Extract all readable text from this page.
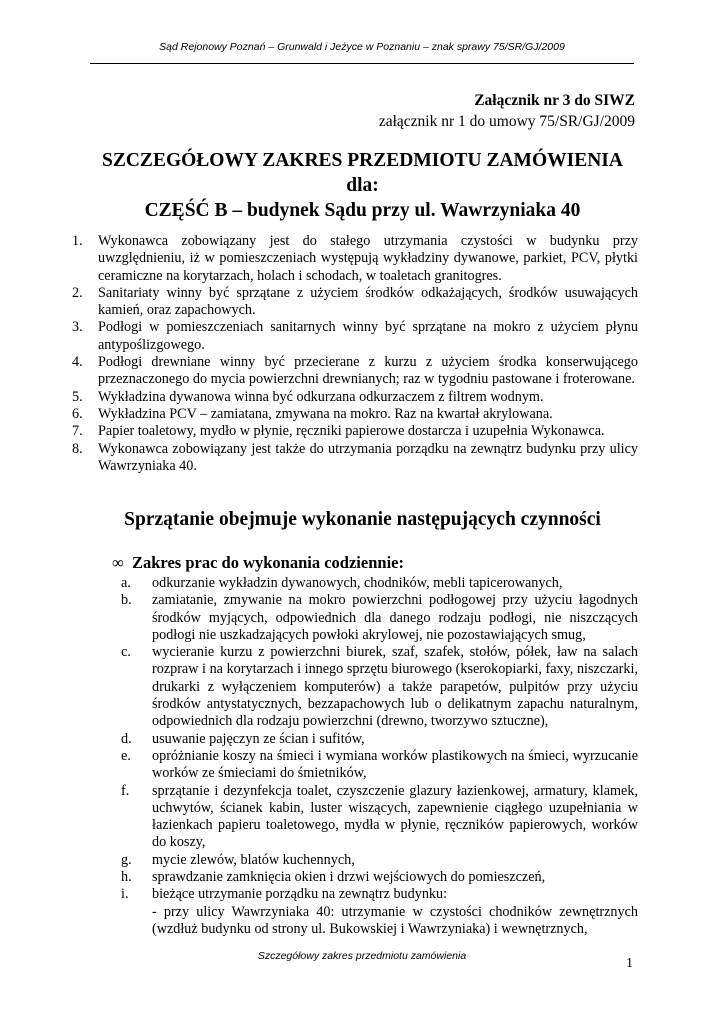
Sąd Rejonowy Poznań – Grunwald i Jeżyce w Poznaniu – znak sprawy 75/SR/GJ/2009
Załącznik nr 3 do SIWZ
załącznik nr 1 do umowy 75/SR/GJ/2009
SZCZEGÓŁOWY ZAKRES PRZEDMIOTU ZAMÓWIENIA
dla:
CZĘŚĆ B – budynek Sądu przy ul. Wawrzyniaka 40
1.	Wykonawca zobowiązany jest do stałego utrzymania czystości w budynku przy uwzględnieniu, iż w pomieszczeniach występują wykładziny dywanowe, parkiet, PCV, płytki ceramiczne na korytarzach, holach i schodach, w toaletach granitogres.
2.	Sanitariaty winny być sprzątane z użyciem środków odkażających, środków usuwających kamień, oraz zapachowych.
3.	Podłogi w pomieszczeniach sanitarnych winny być sprzątane na mokro z użyciem płynu antypoślizgowego.
4.	Podłogi drewniane winny być przecierane z kurzu z użyciem środka konserwującego przeznaczonego do mycia powierzchni drewnianych; raz w tygodniu pastowane i froterowane.
5.	Wykładzina dywanowa winna być odkurzana odkurzaczem z filtrem wodnym.
6.	Wykładzina PCV – zamiatana, zmywana na mokro. Raz na kwartał akrylowana.
7.	Papier toaletowy, mydło w płynie, ręczniki papierowe dostarcza i uzupełnia Wykonawca.
8.	Wykonawca zobowiązany jest także do utrzymania porządku na zewnątrz budynku przy ulicy Wawrzyniaka 40.
Sprzątanie obejmuje wykonanie następujących czynności
∞ Zakres prac do wykonania codziennie:
a.	odkurzanie wykładzin dywanowych, chodników, mebli tapicerowanych,
b.	zamiatanie, zmywanie na mokro powierzchni podłogowej przy użyciu łagodnych środków myjących, odpowiednich dla danego rodzaju podłogi, nie niszczących podłogi nie uszkadzających powłoki akrylowej, nie pozostawiających smug,
c.	wycieranie kurzu z powierzchni biurek, szaf, szafek, stołów, półek, ław na salach rozpraw i na korytarzach i innego sprzętu biurowego (kserokopiarki, faxy, niszczarki, drukarki z wyłączeniem komputerów) a także parapetów, pulpitów przy użyciu środków antystatycznych, bezzapachowych lub o delikatnym zapachu naturalnym, odpowiednich dla rodzaju powierzchni (drewno, tworzywo sztuczne),
d.	usuwanie pajęczyn ze ścian i sufitów,
e.	opróżnianie koszy na śmieci i wymiana worków plastikowych na śmieci, wyrzucanie worków ze śmieciami do śmietników,
f.	sprzątanie i dezynfekcja toalet, czyszczenie glazury łazienkowej, armatury, klamek, uchwytów, ścianek kabin, luster wiszących, zapewnienie ciągłego uzupełniania w łazienkach papieru toaletowego, mydła w płynie, ręczników papierowych, worków do koszy,
g.	mycie zlewów, blatów kuchennych,
h.	sprawdzanie zamknięcia okien i drzwi wejściowych do pomieszczeń,
i.	bieżące utrzymanie porządku na zewnątrz budynku:
- przy ulicy Wawrzyniaka 40: utrzymanie w czystości chodników zewnętrznych (wzdłuż budynku od strony ul. Bukowskiej i Wawrzyniaka) i wewnętrznych,
Szczegółowy zakres przedmiotu zamówienia	1
